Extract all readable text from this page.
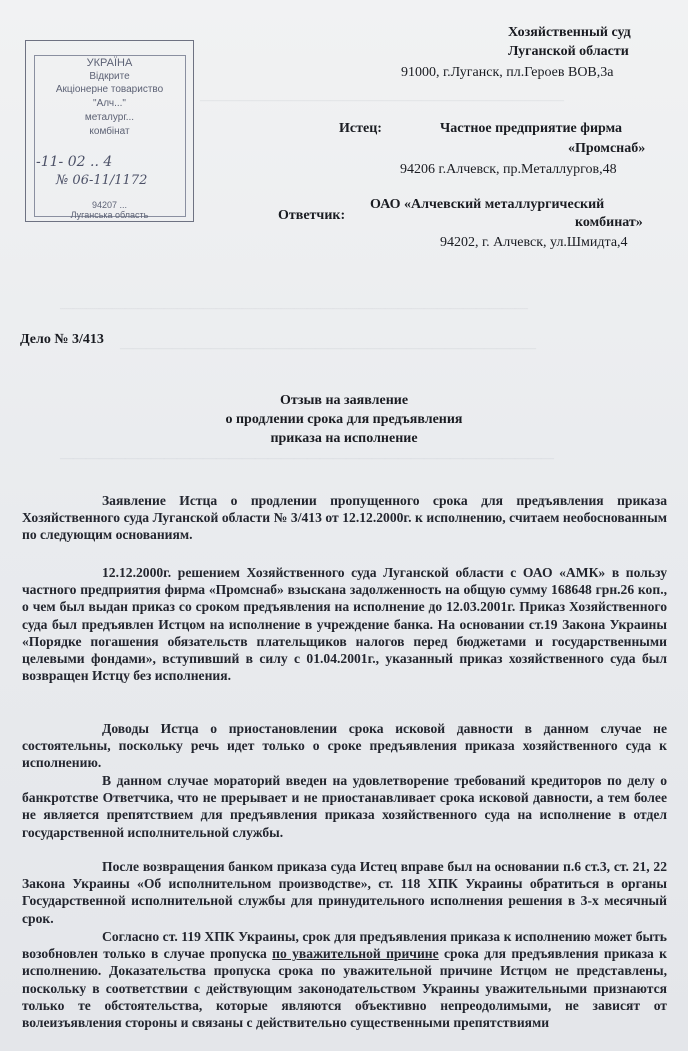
————————————————————————————
————————————————————————————————————
————————————————————————————————
——————————————————————————————————————
УКРАЇНА
Відкрите
Акціонерне товариство
"Алч..."
металург...
комбінат
-11- 02 .. 4
№ 06-11/1172
94207 ...
Луганська область
Хозяйственный суд
Луганской области
91000, г.Луганск, пл.Героев ВОВ,3а
Истец:	Частное предприятие фирма
«Промснаб»
94206 г.Алчевск, пр.Металлургов,48
Ответчик:
ОАО «Алчевский металлургический
комбинат»
94202, г. Алчевск, ул.Шмидта,4
Дело № 3/413
Отзыв на заявление
о продлении срока для предъявления
приказа на исполнение
Заявление Истца о продлении пропущенного срока для предъявления приказа Хозяйственного суда Луганской области № 3/413 от 12.12.2000г. к исполнению, считаем необоснованным по следующим основаниям.
12.12.2000г. решением Хозяйственного суда Луганской области с ОАО «АМК» в пользу частного предприятия фирма «Промснаб» взыскана задолженность на общую сумму 168648 грн.26 коп., о чем был выдан приказ со сроком предъявления на исполнение до 12.03.2001г. Приказ Хозяйственного суда был предъявлен Истцом на исполнение в учреждение банка. На основании ст.19 Закона Украины «Порядке погашения обязательств плательщиков налогов перед бюджетами и государственными целевыми фондами», вступивший в силу с 01.04.2001г., указанный приказ хозяйственного суда был возвращен Истцу без исполнения.
Доводы Истца о приостановлении срока исковой давности в данном случае не состоятельны, поскольку речь идет только о сроке предъявления приказа хозяйственного суда к исполнению.
В данном случае мораторий введен на удовлетворение требований кредиторов по делу о банкротстве Ответчика, что не прерывает и не приостанавливает срока исковой давности, а тем более не является препятствием для предъявления приказа хозяйственного суда на исполнение в отдел государственной исполнительной службы.
После возвращения банком приказа суда Истец вправе был на основании п.6 ст.3, ст. 21, 22 Закона Украины «Об исполнительном производстве», ст. 118 ХПК Украины обратиться в органы Государственной исполнительной службы для принудительного исполнения решения в 3-х месячный срок.
Согласно ст. 119 ХПК Украины, срок для предъявления приказа к исполнению может быть возобновлен только в случае пропуска по уважительной причине срока для предъявления приказа к исполнению. Доказательства пропуска срока по уважительной причине Истцом не представлены, поскольку в соответствии с действующим законодательством Украины уважительными признаются только те обстоятельства, которые являются объективно непреодолимыми, не зависят от волеизъявления стороны и связаны с действительно существенными препятствиями
